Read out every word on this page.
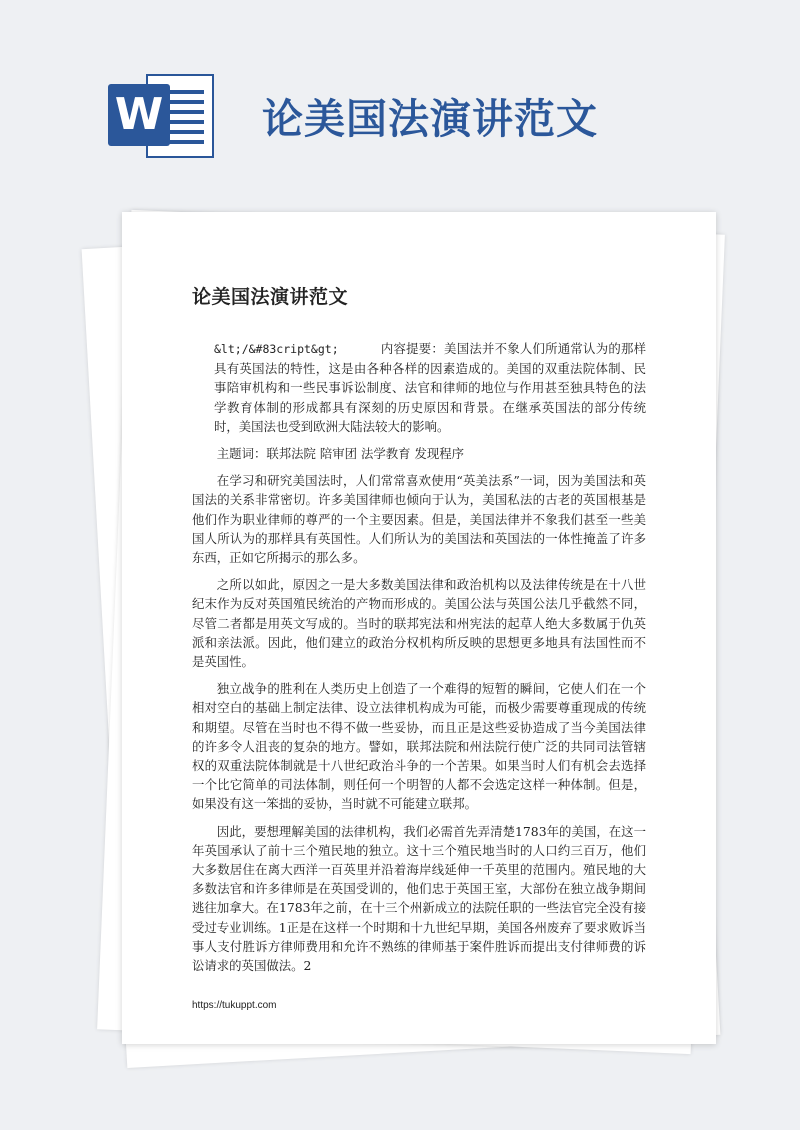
W 论美国法演讲范文
论美国法演讲范文

&lt;/&#83cript&gt;	内容提要：美国法并不象人们所通常认为的那样具有英国法的特性，这是由各种各样的因素造成的。美国的双重法院体制、民事陪审机构和一些民事诉讼制度、法官和律师的地位与作用甚至独具特色的法学教育体制的形成都具有深刻的历史原因和背景。在继承英国法的部分传统时，美国法也受到欧洲大陆法较大的影响。

主题词：联邦法院 陪审团 法学教育 发现程序

在学习和研究美国法时，人们常常喜欢使用“英美法系”一词，因为美国法和英国法的关系非常密切。许多美国律师也倾向于认为，美国私法的古老的英国根基是他们作为职业律师的尊严的一个主要因素。但是，美国法律并不象我们甚至一些美国人所认为的那样具有英国性。人们所认为的美国法和英国法的一体性掩盖了许多东西，正如它所揭示的那么多。

之所以如此，原因之一是大多数美国法律和政治机构以及法律传统是在十八世纪末作为反对英国殖民统治的产物而形成的。美国公法与英国公法几乎截然不同，尽管二者都是用英文写成的。当时的联邦宪法和州宪法的起草人绝大多数属于仇英派和亲法派。因此，他们建立的政治分权机构所反映的思想更多地具有法国性而不是英国性。

独立战争的胜利在人类历史上创造了一个难得的短暂的瞬间，它使人们在一个相对空白的基础上制定法律、设立法律机构成为可能，而极少需要尊重现成的传统和期望。尽管在当时也不得不做一些妥协，而且正是这些妥协造成了当今美国法律的许多令人沮丧的复杂的地方。譬如，联邦法院和州法院行使广泛的共同司法管辖权的双重法院体制就是十八世纪政治斗争的一个苦果。如果当时人们有机会去选择一个比它简单的司法体制，则任何一个明智的人都不会选定这样一种体制。但是，如果没有这一笨拙的妥协，当时就不可能建立联邦。

因此，要想理解美国的法律机构，我们必需首先弄清楚1783年的美国，在这一年英国承认了前十三个殖民地的独立。这十三个殖民地当时的人口约三百万，他们大多数居住在离大西洋一百英里并沿着海岸线延伸一千英里的范围内。殖民地的大多数法官和许多律师是在英国受训的，他们忠于英国王室，大部份在独立战争期间逃往加拿大。在1783年之前，在十三个州新成立的法院任职的一些法官完全没有接受过专业训练。1正是在这样一个时期和十九世纪早期，美国各州废弃了要求败诉当事人支付胜诉方律师费用和允许不熟练的律师基于案件胜诉而提出支付律师费的诉讼请求的英国做法。2

https://tukuppt.com
